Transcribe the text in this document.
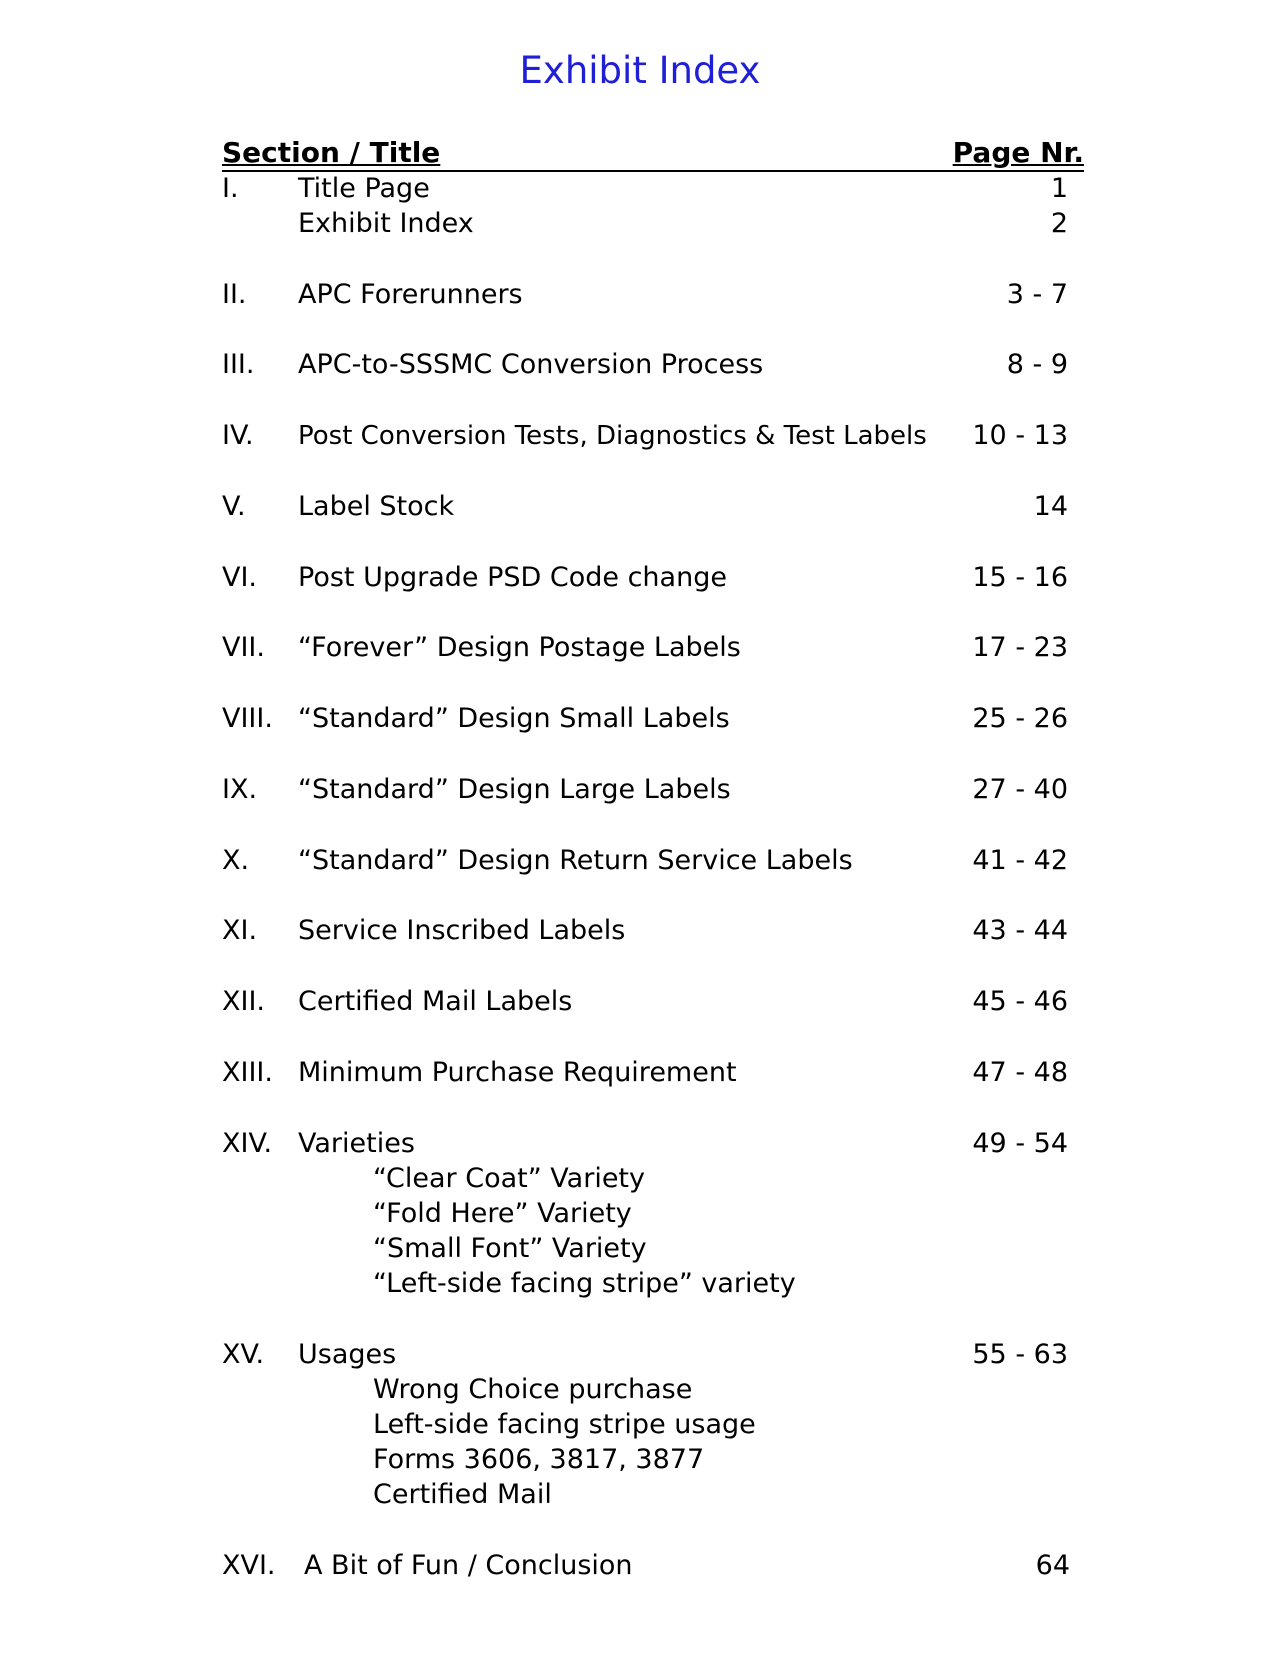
Exhibit Index
Section / Title	Page Nr.
I. Title Page	1
Exhibit Index	2
II. APC Forerunners	3 - 7
III. APC-to-SSSMC Conversion Process	8 - 9
IV. Post Conversion Tests, Diagnostics & Test Labels 10 - 13
V. Label Stock	14
VI. Post Upgrade PSD Code change	15 - 16
VII. “Forever” Design Postage Labels	17 - 23
VIII. “Standard” Design Small Labels	25 - 26
IX. “Standard” Design Large Labels	27 - 40
X. “Standard” Design Return Service Labels	41 - 42
XI. Service Inscribed Labels	43 - 44
XII. Certified Mail Labels	45 - 46
XIII. Minimum Purchase Requirement	47 - 48
XIV. Varieties	49 - 54
“Clear Coat” Variety
“Fold Here” Variety
“Small Font” Variety
“Left-side facing stripe” variety
XV. Usages	55 - 63
Wrong Choice purchase
Left-side facing stripe usage
Forms 3606, 3817, 3877
Certified Mail
XVI. A Bit of Fun / Conclusion	64
